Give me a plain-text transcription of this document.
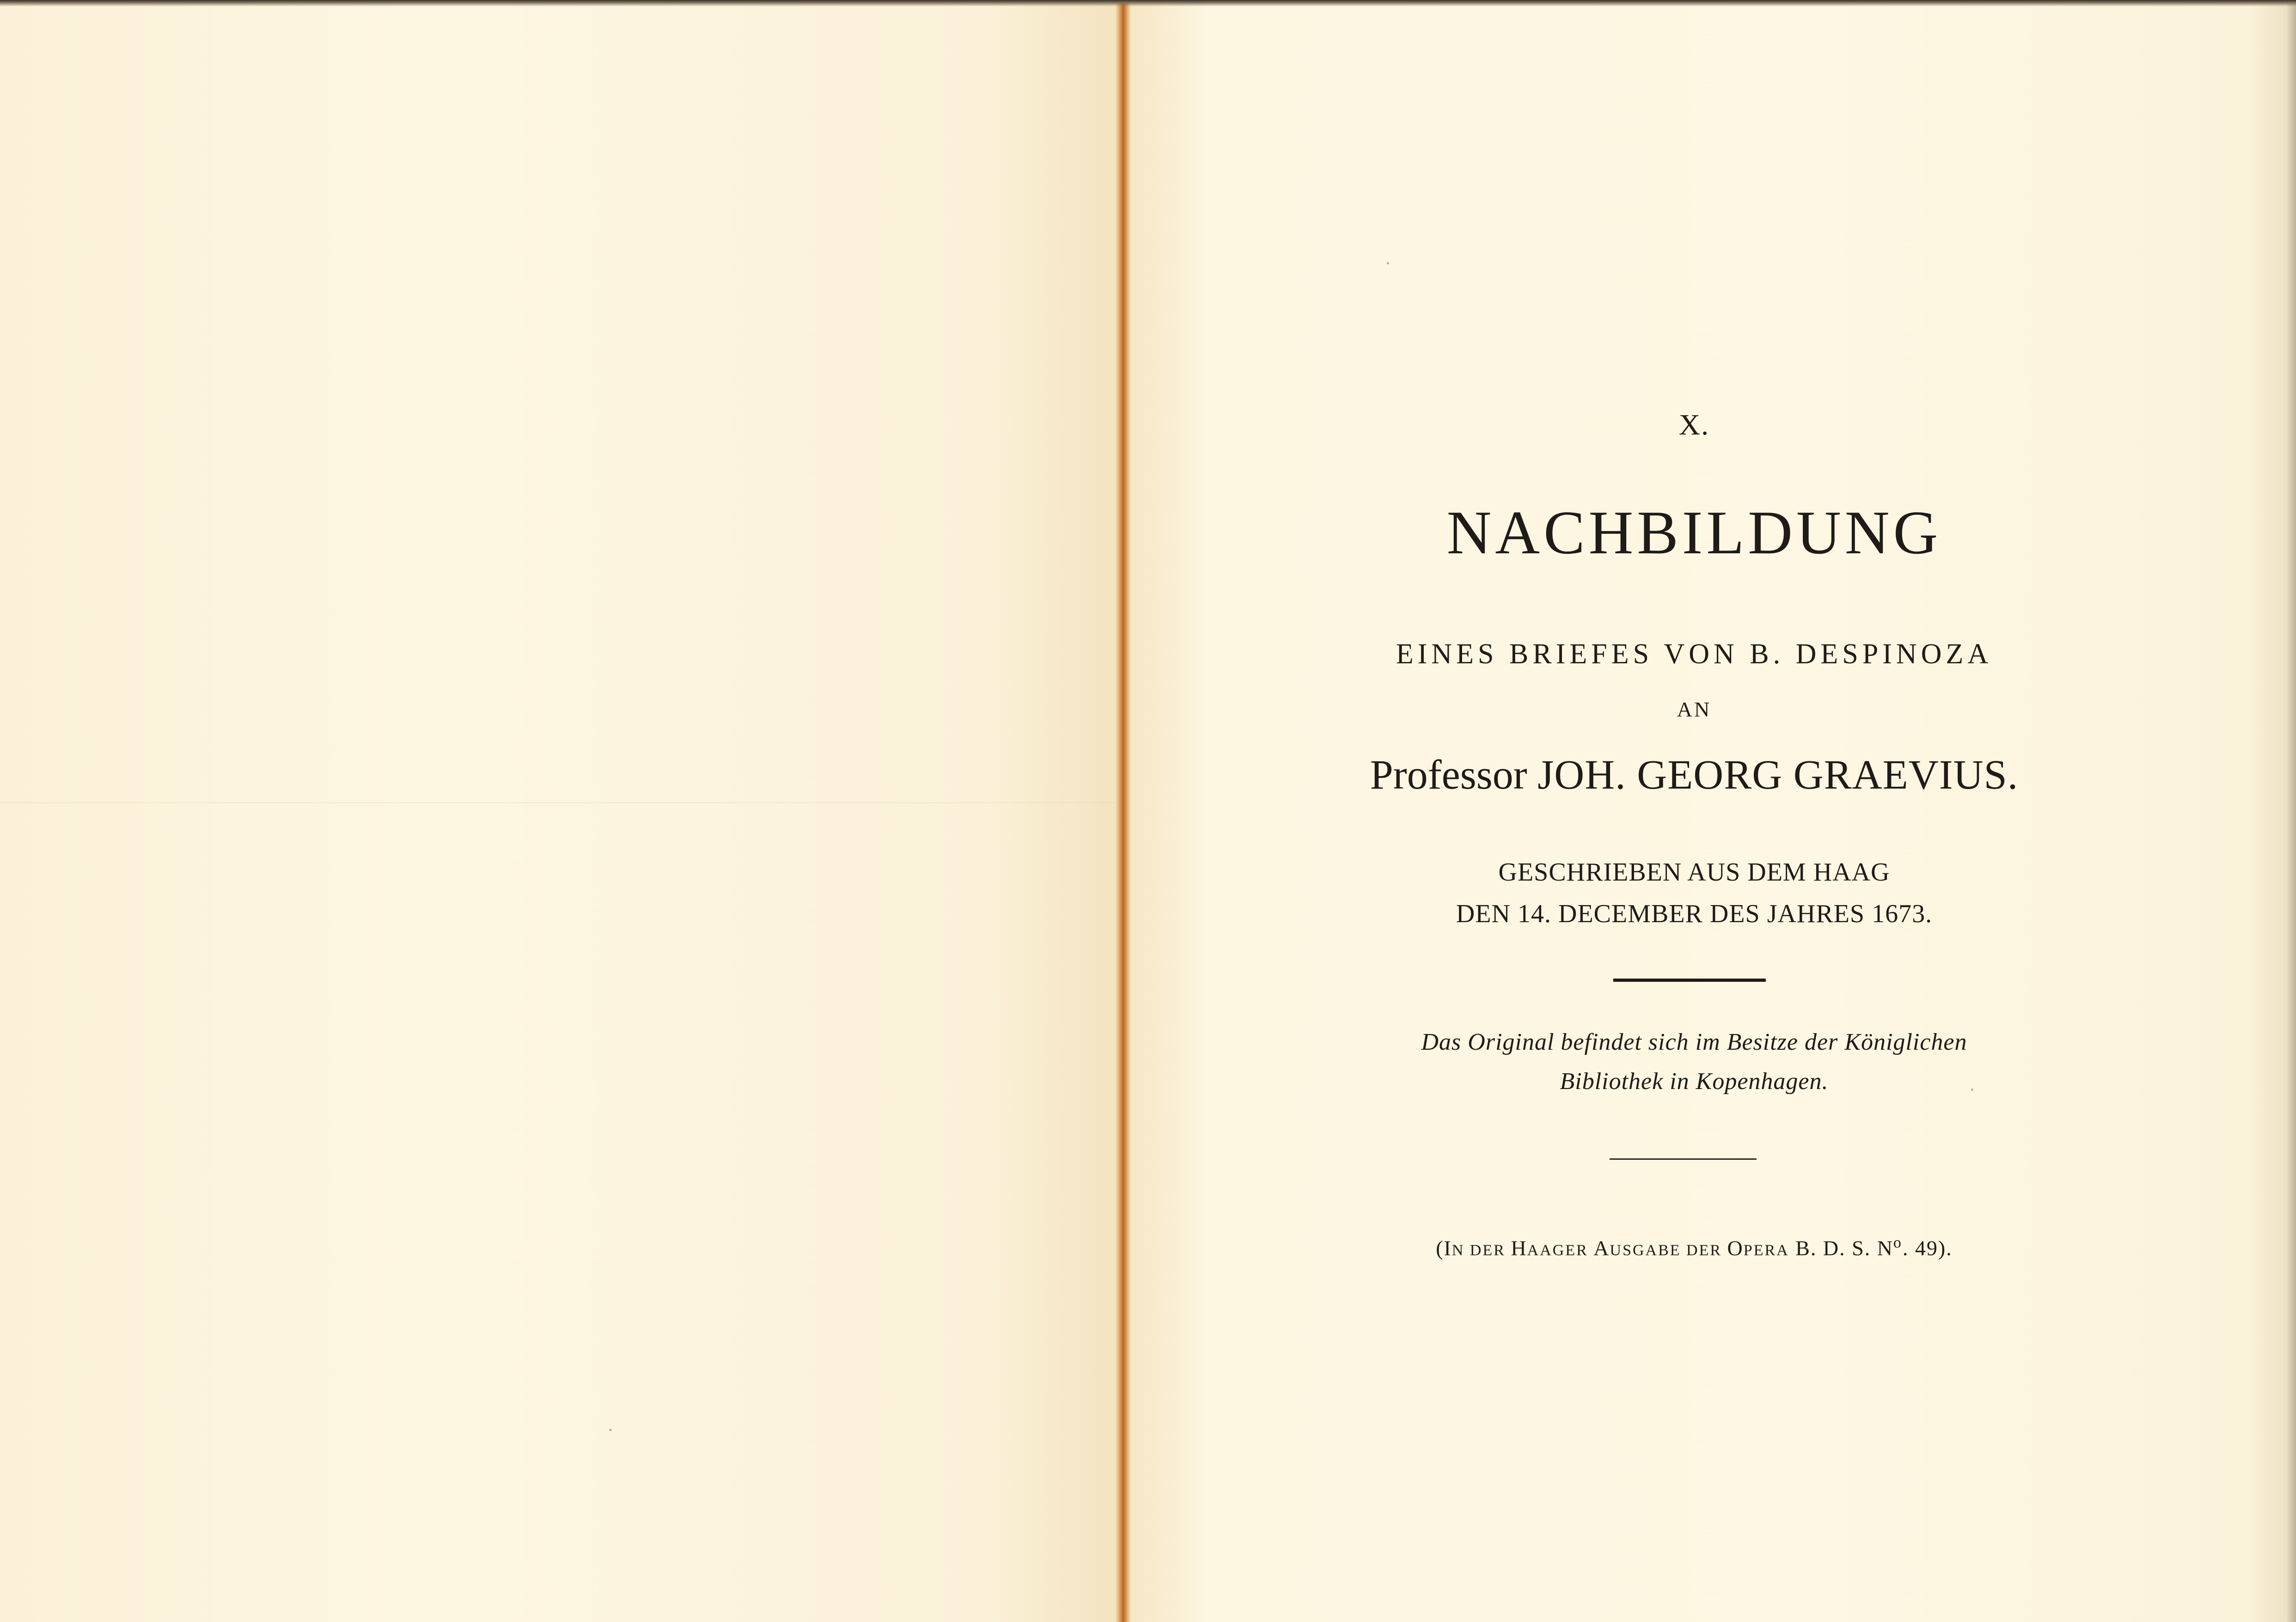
X.
NACHBILDUNG
EINES BRIEFES VON B. DESPINOZA
AN
Professor JOH. GEORG GRAEVIUS.
GESCHRIEBEN AUS DEM HAAG
DEN 14. DECEMBER DES JAHRES 1673.
Das Original befindet sich im Besitze der Königlichen
Bibliothek in Kopenhagen.
(IN DER HAAGER AUSGABE DER OPERA B. D. S. $N^o$. 49).
